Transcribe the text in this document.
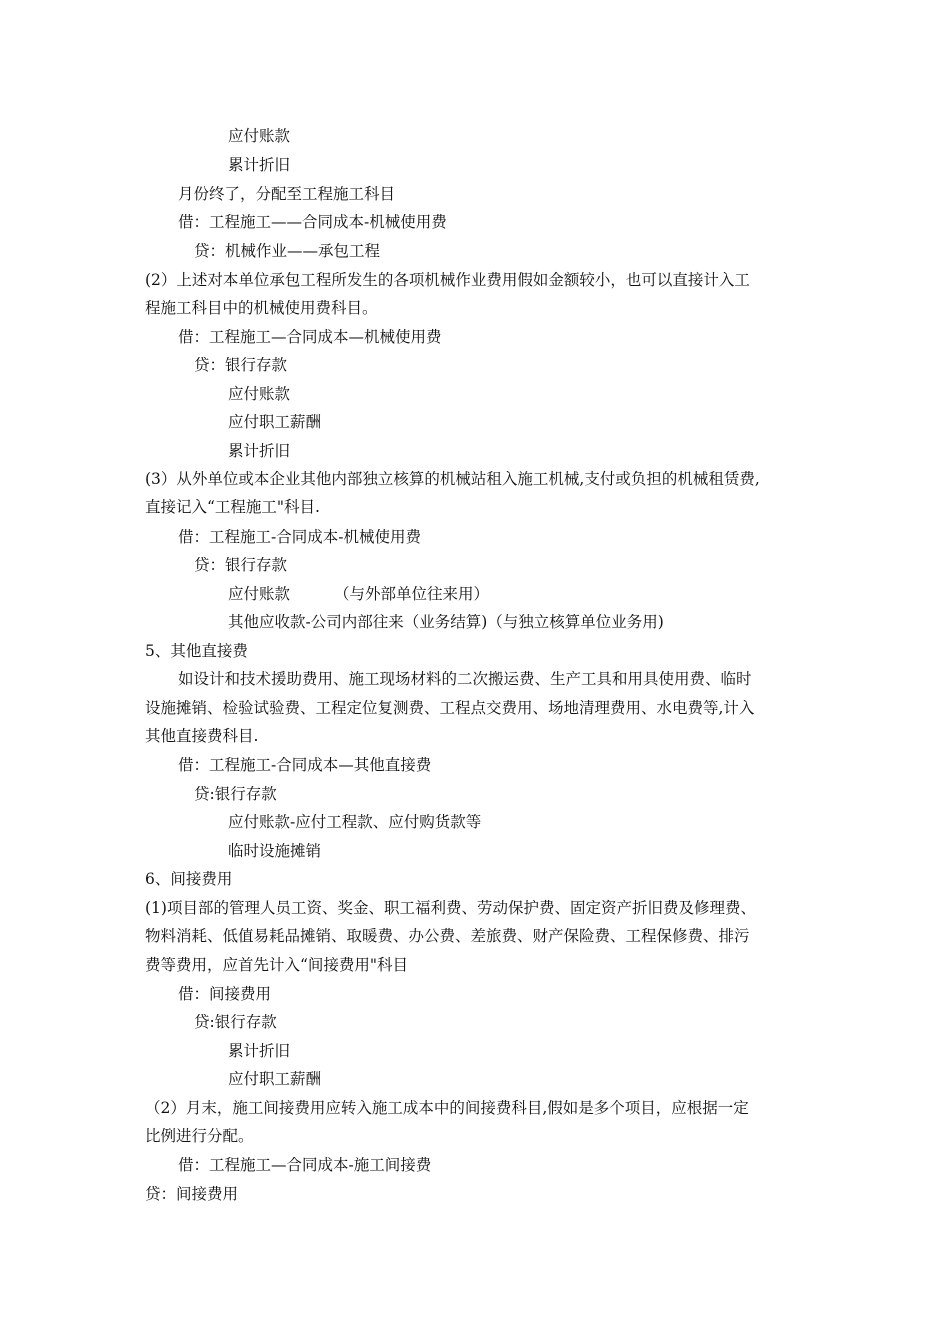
应付账款
累计折旧
月份终了，分配至工程施工科目
借：工程施工——合同成本-机械使用费
贷：机械作业——承包工程
(2）上述对本单位承包工程所发生的各项机械作业费用假如金额较小，也可以直接计入工
程施工科目中的机械使用费科目。
借：工程施工—合同成本—机械使用费
贷：银行存款
应付账款
应付职工薪酬
累计折旧
(3）从外单位或本企业其他内部独立核算的机械站租入施工机械,支付或负担的机械租赁费,
直接记入“工程施工"科目.
借：工程施工-合同成本-机械使用费
贷：银行存款
应付账款	（与外部单位往来用）
其他应收款-公司内部往来（业务结算)（与独立核算单位业务用)
5、其他直接费
如设计和技术援助费用、施工现场材料的二次搬运费、生产工具和用具使用费、临时
设施摊销、检验试验费、工程定位复测费、工程点交费用、场地清理费用、水电费等,计入
其他直接费科目.
借：工程施工-合同成本—其他直接费
贷:银行存款
应付账款-应付工程款、应付购货款等
临时设施摊销
6、间接费用
(1)项目部的管理人员工资、奖金、职工福利费、劳动保护费、固定资产折旧费及修理费、
物料消耗、低值易耗品摊销、取暖费、办公费、差旅费、财产保险费、工程保修费、排污
费等费用，应首先计入“间接费用"科目
借：间接费用
贷:银行存款
累计折旧
应付职工薪酬
（2）月末，施工间接费用应转入施工成本中的间接费科目,假如是多个项目，应根据一定
比例进行分配。
借：工程施工—合同成本-施工间接费
贷：间接费用
